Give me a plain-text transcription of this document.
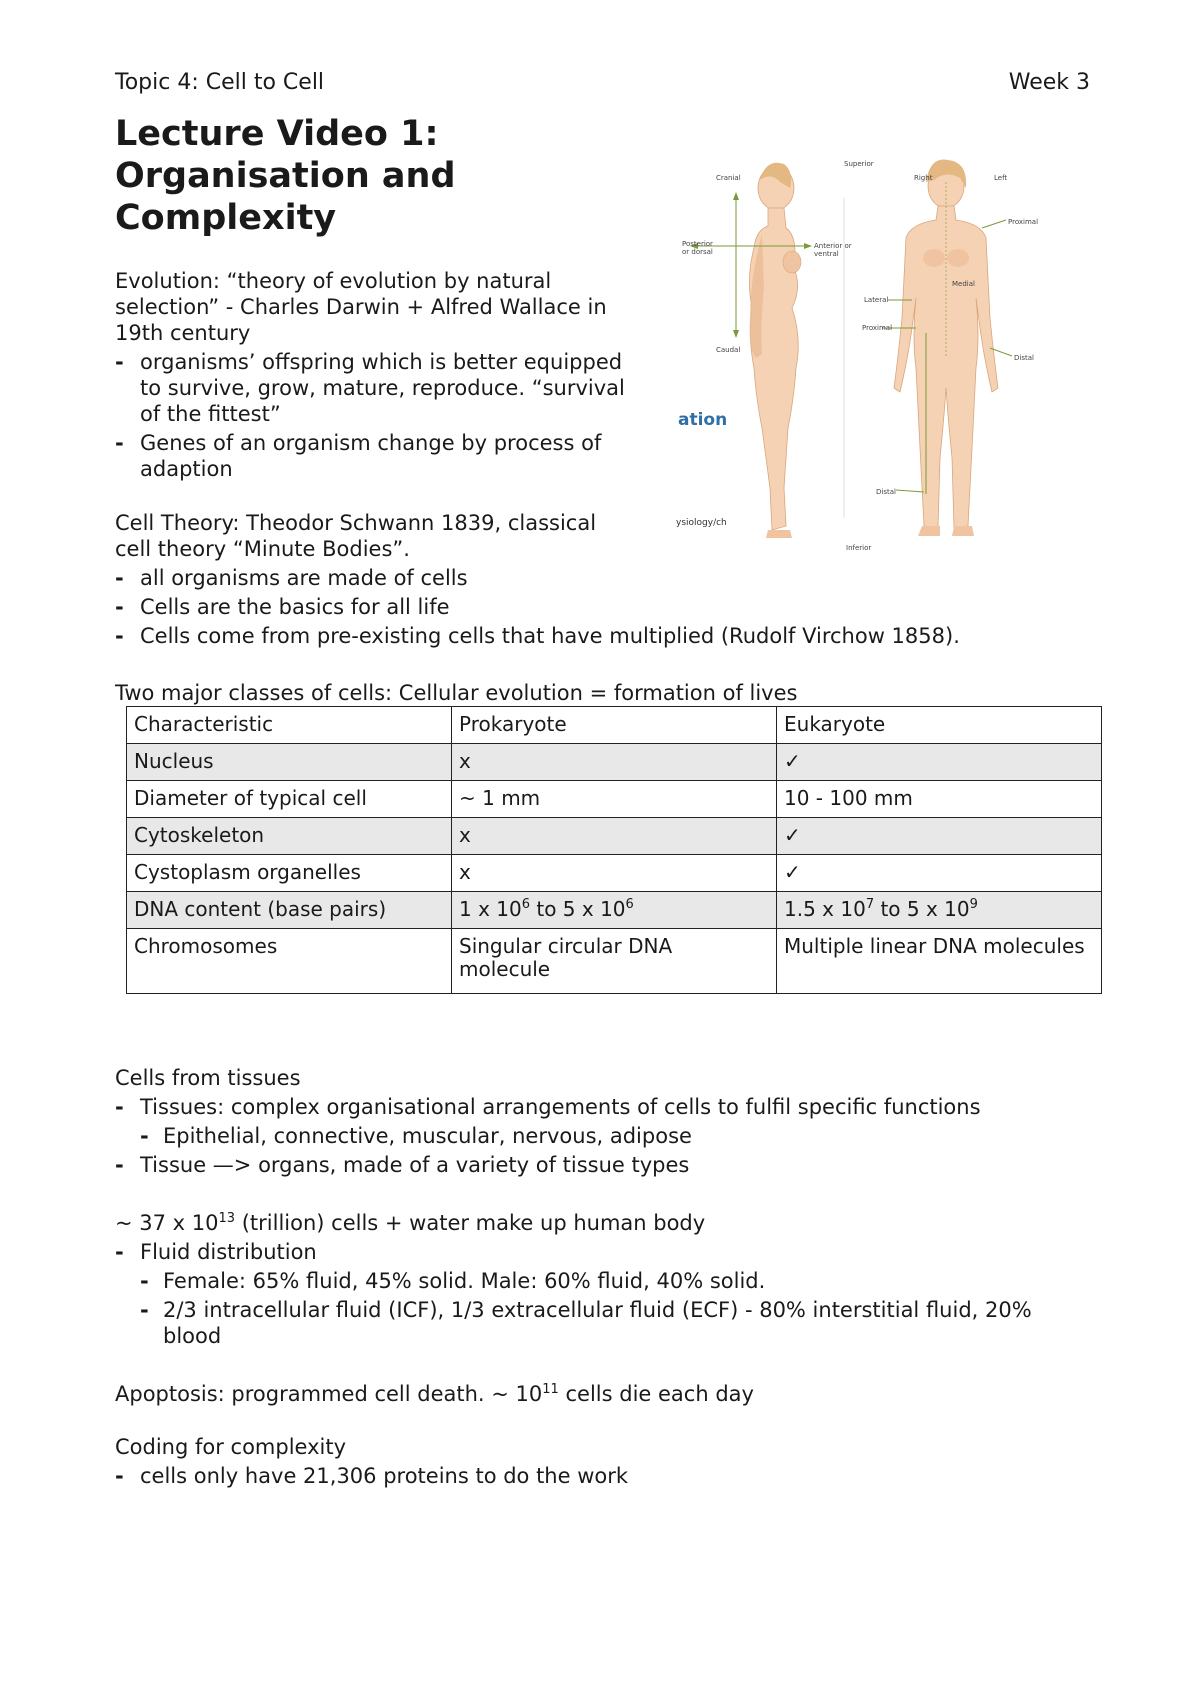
Topic 4: Cell to Cell	Week 3
Lecture Video 1:
Organisation and
Complexity

Evolution: “theory of evolution by natural
selection” - Charles Darwin + Alfred Wallace in
19th century

- organisms’ offspring which is better equipped
to survive, grow, mature, reproduce. “survival
of the fittest”

- Genes of an organism change by process of
adaption

Cell Theory: Theodor Schwann 1839, classical
cell theory “Minute Bodies”.

- all organisms are made of cells

- Cells are the basics for all life

- Cells come from pre-existing cells that have multiplied (Rudolf Virchow 1858).

Cranial
Posterior
or dorsal
Anterior or
ventral
Caudal
Superior
Inferior
Right	Left
Proximal
Medial
Lateral
Proximal
Distal
Distal
ation
ysiology/ch
Two major classes of cells: Cellular evolution = formation of lives
Characteristic	Prokaryote	Eukaryote
Nucleus	x	✓
Diameter of typical cell	~ 1 mm	10 - 100 mm
Cytoskeleton	x	✓
Cystoplasm organelles	x	✓
DNA content (base pairs)	1 x $10^6$ to 5 x $10^6$	1.5 x $10^7$ to 5 x $10^9$
Chromosomes	Singular circular DNA molecule	Multiple linear DNA molecules

Cells from tissues

- Tissues: complex organisational arrangements of cells to fulfil specific functions

- Epithelial, connective, muscular, nervous, adipose

- Tissue —> organs, made of a variety of tissue types

~ 37 x $10^{13}$ (trillion) cells + water make up human body

- Fluid distribution

- Female: 65% fluid, 45% solid. Male: 60% fluid, 40% solid.

- 2/3 intracellular fluid (ICF), 1/3 extracellular fluid (ECF) - 80% interstitial fluid, 20%
blood

Apoptosis: programmed cell death. ~ $10^{11}$ cells die each day

Coding for complexity

- cells only have 21,306 proteins to do the work
